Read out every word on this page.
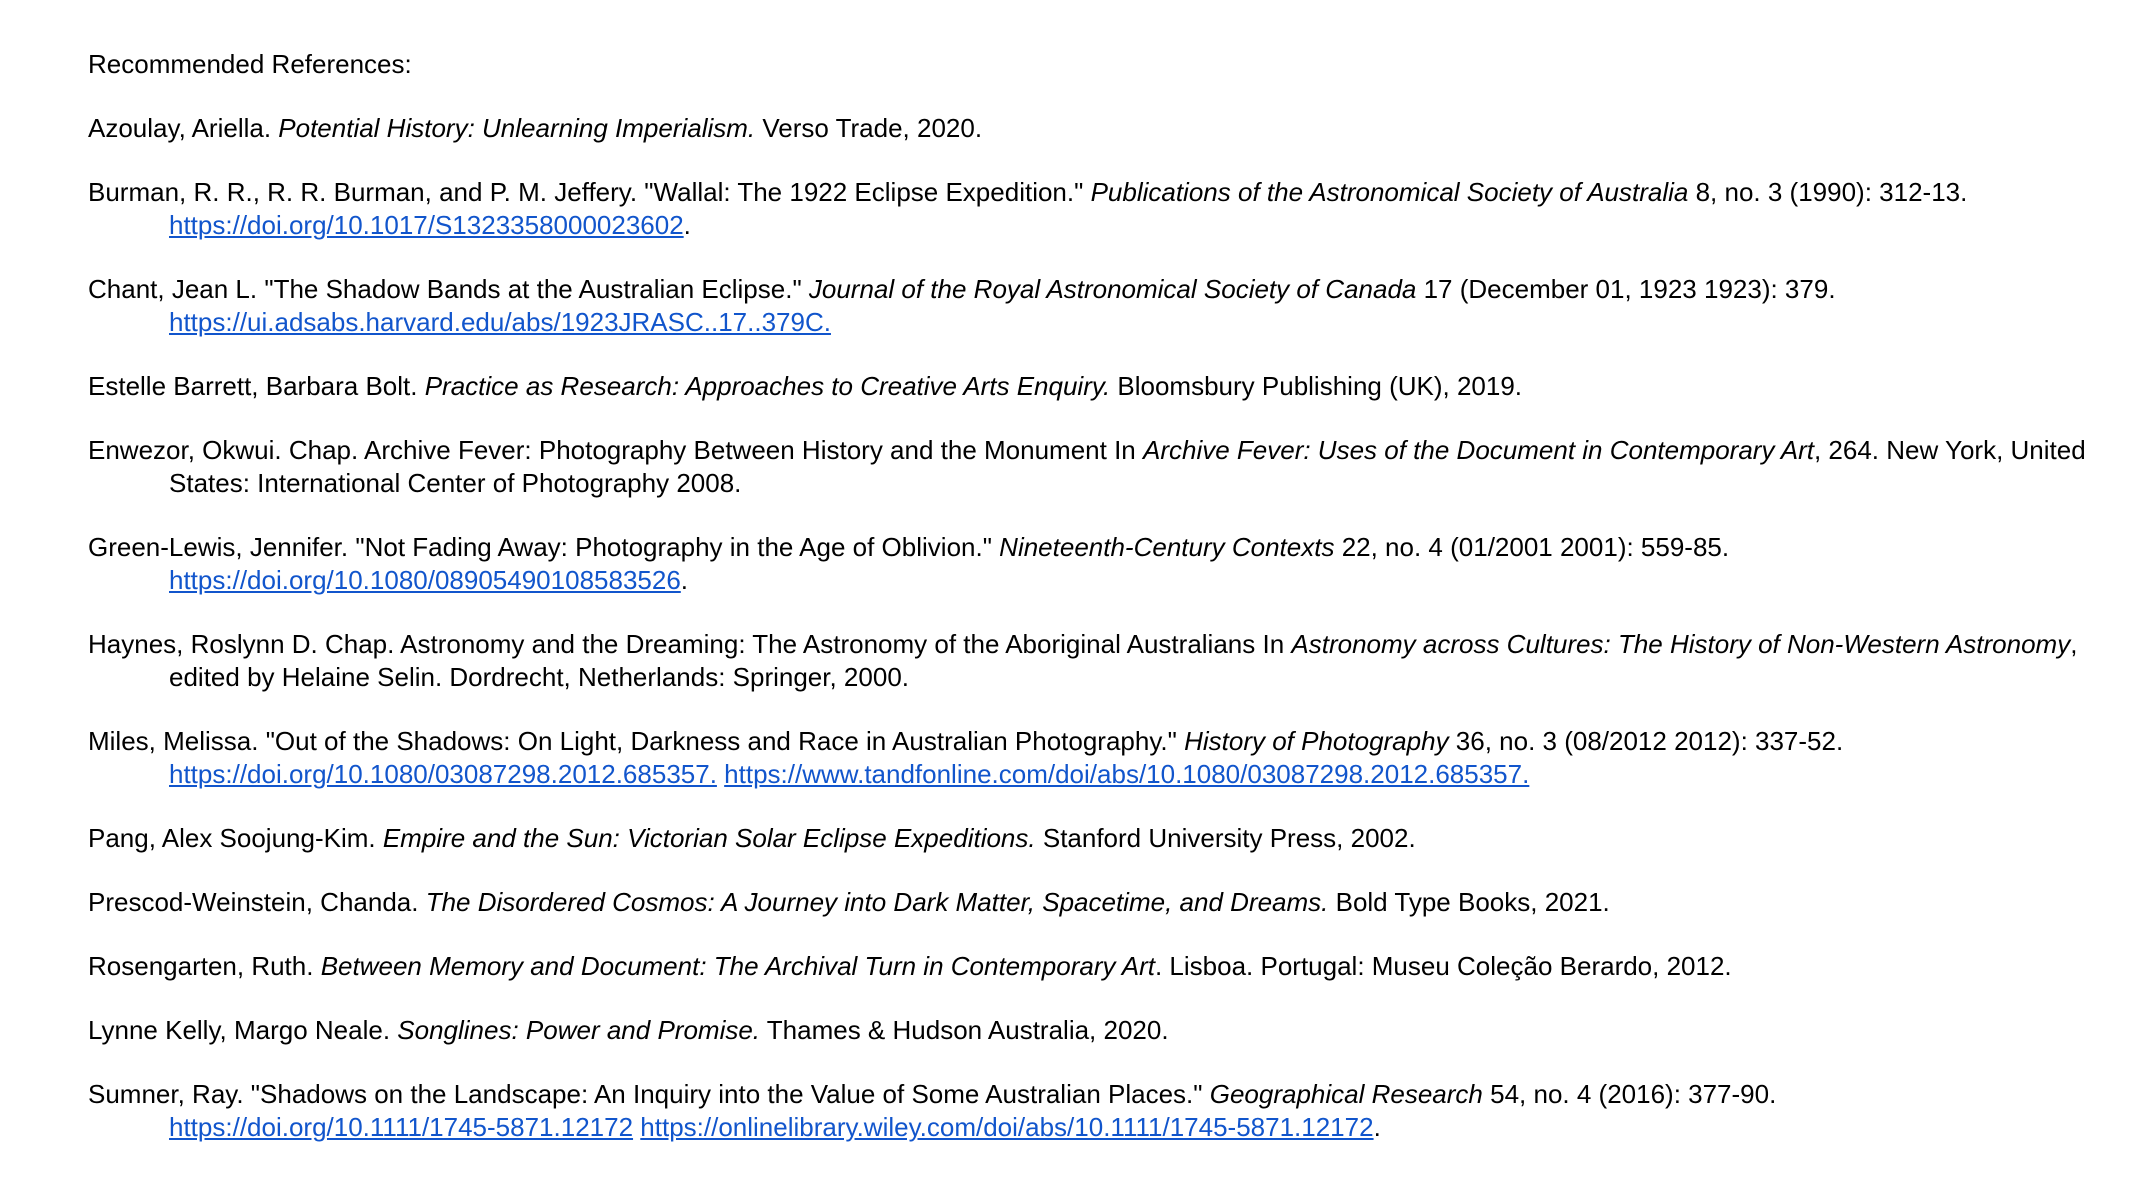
Recommended References:
Azoulay, Ariella. Potential History: Unlearning Imperialism. Verso Trade, 2020.
Burman, R. R., R. R. Burman, and P. M. Jeffery. "Wallal: The 1922 Eclipse Expedition." Publications of the Astronomical Society of Australia 8, no. 3 (1990): 312-13. https://doi.org/10.1017/S1323358000023602.
Chant, Jean L. "The Shadow Bands at the Australian Eclipse." Journal of the Royal Astronomical Society of Canada 17 (December 01, 1923 1923): 379. https://ui.adsabs.harvard.edu/abs/1923JRASC..17..379C.
Estelle Barrett, Barbara Bolt. Practice as Research: Approaches to Creative Arts Enquiry. Bloomsbury Publishing (UK), 2019.
Enwezor, Okwui. Chap. Archive Fever: Photography Between History and the Monument In Archive Fever: Uses of the Document in Contemporary Art, 264. New York, United States: International Center of Photography 2008.
Green-Lewis, Jennifer. "Not Fading Away: Photography in the Age of Oblivion." Nineteenth-Century Contexts 22, no. 4 (01/2001 2001): 559-85. https://doi.org/10.1080/08905490108583526.
Haynes, Roslynn D. Chap. Astronomy and the Dreaming: The Astronomy of the Aboriginal Australians In Astronomy across Cultures: The History of Non-Western Astronomy, edited by Helaine Selin. Dordrecht, Netherlands: Springer, 2000.
Miles, Melissa. "Out of the Shadows: On Light, Darkness and Race in Australian Photography." History of Photography 36, no. 3 (08/2012 2012): 337-52. https://doi.org/10.1080/03087298.2012.685357. https://www.tandfonline.com/doi/abs/10.1080/03087298.2012.685357.
Pang, Alex Soojung-Kim. Empire and the Sun: Victorian Solar Eclipse Expeditions. Stanford University Press, 2002.
Prescod-Weinstein, Chanda. The Disordered Cosmos: A Journey into Dark Matter, Spacetime, and Dreams. Bold Type Books, 2021.
Rosengarten, Ruth. Between Memory and Document: The Archival Turn in Contemporary Art. Lisboa. Portugal: Museu Coleção Berardo, 2012.
Lynne Kelly, Margo Neale. Songlines: Power and Promise. Thames & Hudson Australia, 2020.
Sumner, Ray. "Shadows on the Landscape: An Inquiry into the Value of Some Australian Places." Geographical Research 54, no. 4 (2016): 377-90. https://doi.org/10.1111/1745-5871.12172 https://onlinelibrary.wiley.com/doi/abs/10.1111/1745-5871.12172.
